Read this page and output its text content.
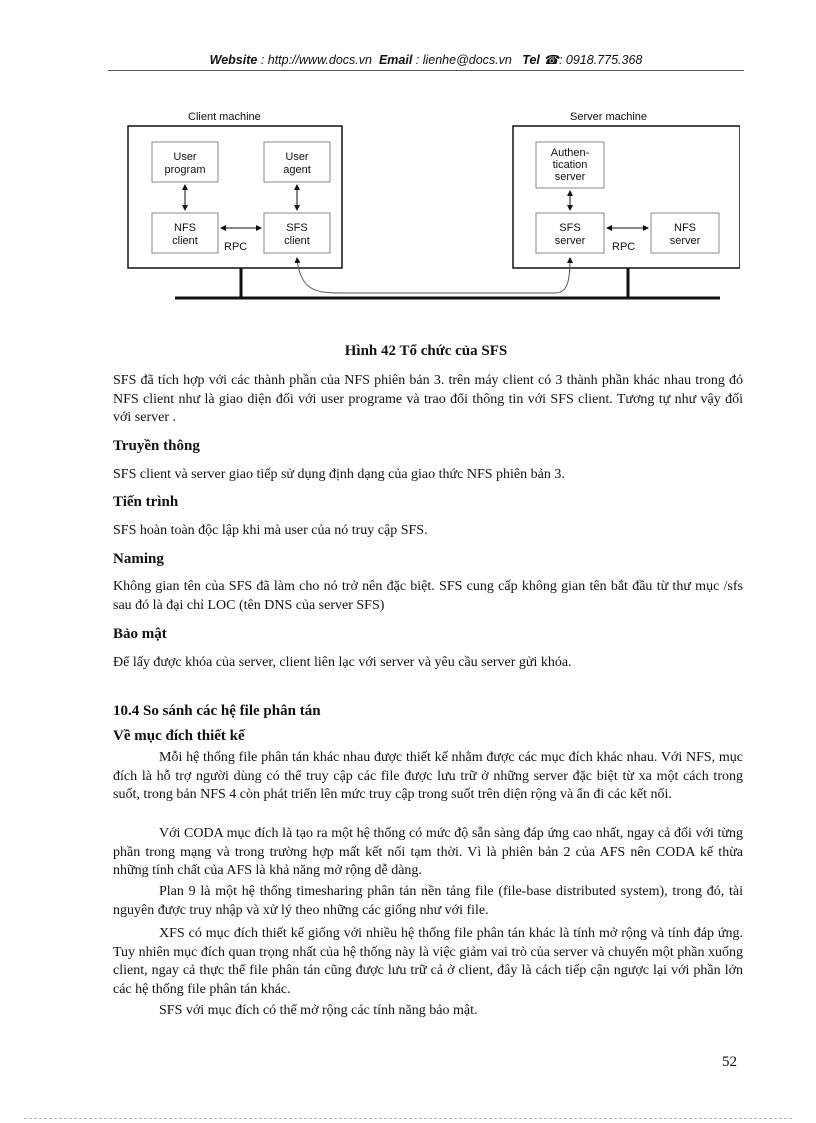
Website : http://www.docs.vn Email : lienhe@docs.vn Tel ☎: 0918.775.368
Client machine	Server machine
User
program
User
agent
NFS
client
SFS
client
RPC
Authen-
tication
server
SFS
server
NFS
server
RPC
Hình 42 Tổ chức của SFS
SFS đã tích hợp với các thành phần của NFS phiên bản 3. trên máy client có 3 thành phần khác nhau trong đó NFS client như là giao diện đối với user programe và trao đổi thông tin với SFS client. Tương tự như vậy đối với server .
Truyền thông
SFS client và server giao tiếp sử dụng định dạng của giao thức NFS phiên bản 3.
Tiến trình
SFS hoàn toàn độc lập khi mà user của nó truy cập SFS.
Naming
Không gian tên của SFS đã làm cho nó trở nên đặc biệt. SFS cung cấp không gian tên bắt đầu từ thư mục /sfs sau đó là đại chỉ LOC (tên DNS của server SFS)
Bảo mật
Để lấy được khóa của server, client liên lạc với server và yêu cầu server gửi khóa.
10.4 So sánh các hệ file phân tán
Về mục đích thiết kế
Mỗi hệ thống file phân tán khác nhau được thiết kế nhằm được các mục đích khác nhau. Với NFS, mục đích là hỗ trợ người dùng có thể truy cập các file được lưu trữ ở những server đặc biệt từ xa một cách trong suốt, trong bản NFS 4 còn phát triển lên mức truy cập trong suốt trên diện rộng và ẩn đi các kết nối.
Với CODA mục đích là tạo ra một hệ thống có mức độ sẵn sàng đáp ứng cao nhất, ngay cả đối với từng phần trong mạng và trong trường hợp mất kết nối tạm thời. Vì là phiên bản 2 của AFS nên CODA kế thừa những tính chất của AFS là khả năng mở rộng dễ dàng.
Plan 9 là một hệ thống timesharing phân tán nền tảng file (file-base distributed system), trong đó, tài nguyên được truy nhập và xử lý theo những các giống như với file.
XFS có mục đích thiết kế giống với nhiều hệ thống file phân tán khác là tính mở rộng và tính đáp ứng. Tuy nhiên mục đích quan trọng nhất của hệ thống này là việc giảm vai trò của server và chuyển một phần xuống client, ngay cả thực thể file phân tán cũng được lưu trữ cả ở client, đây là cách tiếp cận ngược lại với phần lớn các hệ thống file phân tán khác.
SFS với mục đích có thể mở rộng các tính năng bảo mật.
52
